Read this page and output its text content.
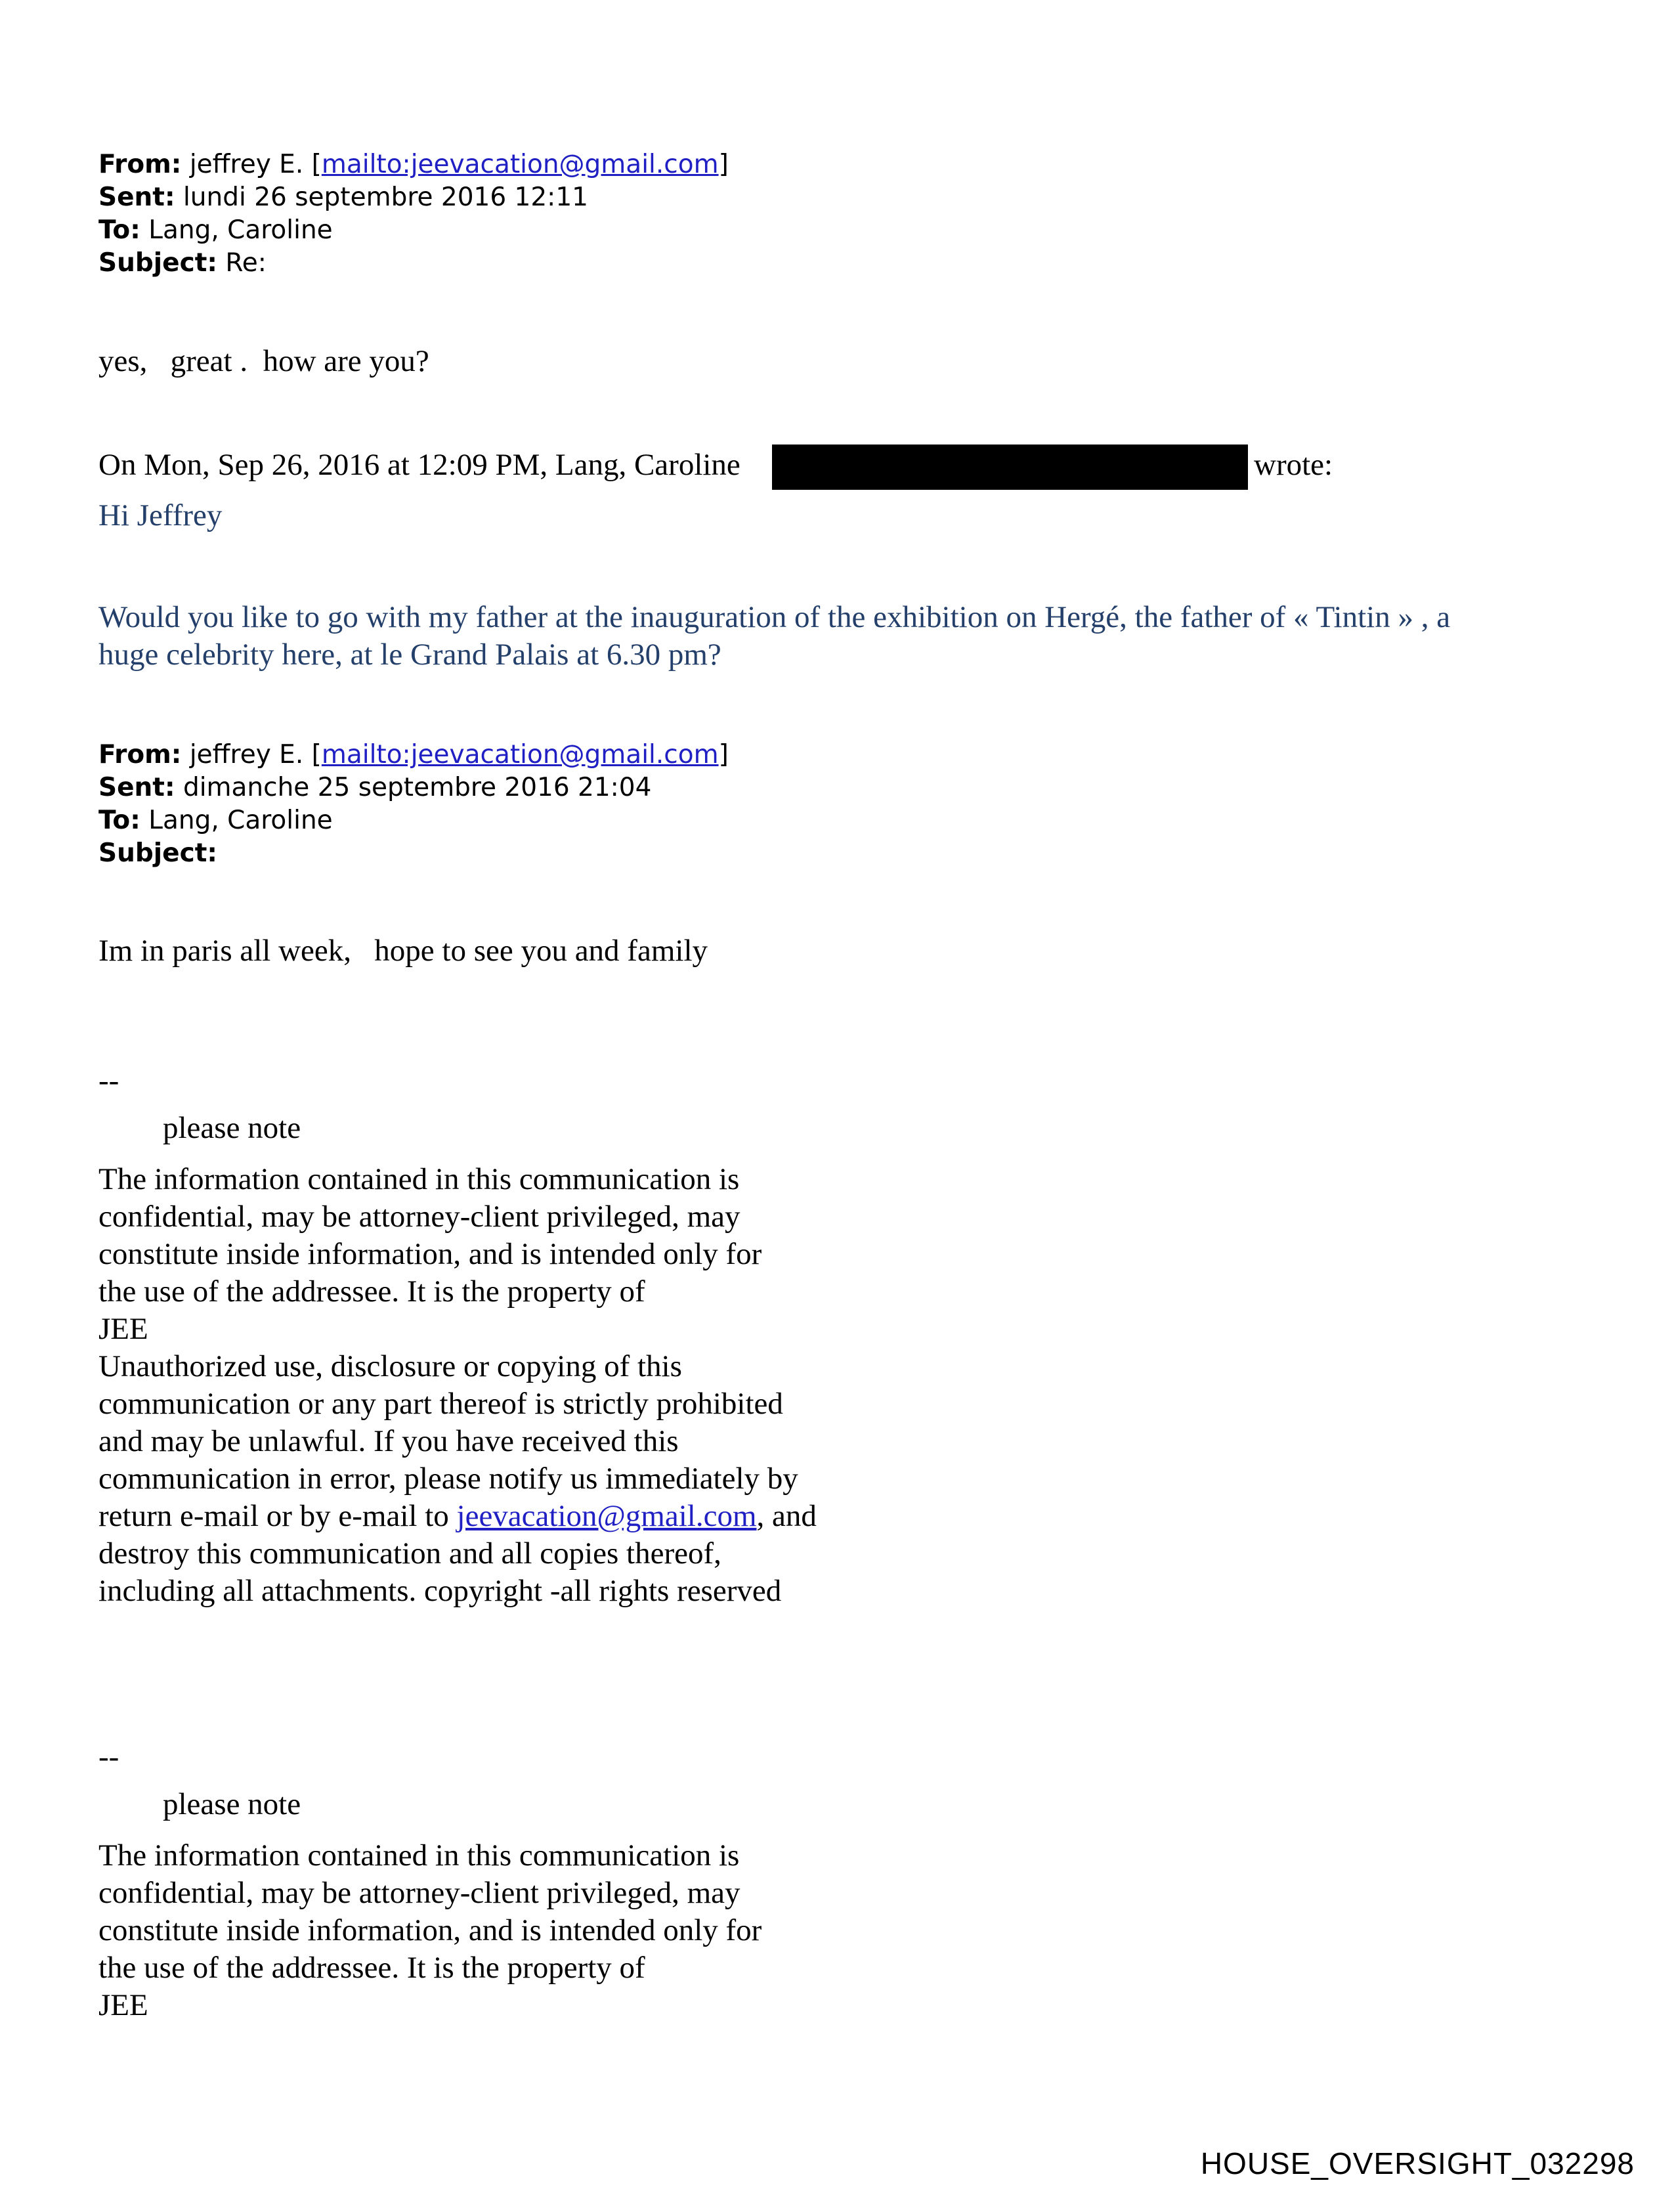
From: jeffrey E. [mailto:jeevacation@gmail.com]
Sent: lundi 26 septembre 2016 12:11
To: Lang, Caroline
Subject: Re:
yes,   great .  how are you?
On Mon, Sep 26, 2016 at 12:09 PM, Lang, Caroline	wrote:
Hi Jeffrey
Would you like to go with my father at the inauguration of the exhibition on Hergé, the father of « Tintin » , a
huge celebrity here, at le Grand Palais at 6.30 pm?
From: jeffrey E. [mailto:jeevacation@gmail.com]
Sent: dimanche 25 septembre 2016 21:04
To: Lang, Caroline
Subject:
Im in paris all week,   hope to see you and family
--
please note
The information contained in this communication is
confidential, may be attorney-client privileged, may
constitute inside information, and is intended only for
the use of the addressee. It is the property of
JEE
Unauthorized use, disclosure or copying of this
communication or any part thereof is strictly prohibited
and may be unlawful. If you have received this
communication in error, please notify us immediately by
return e-mail or by e-mail to jeevacation@gmail.com, and
destroy this communication and all copies thereof,
including all attachments. copyright -all rights reserved
--
please note
The information contained in this communication is
confidential, may be attorney-client privileged, may
constitute inside information, and is intended only for
the use of the addressee. It is the property of
JEE
HOUSE_OVERSIGHT_032298
